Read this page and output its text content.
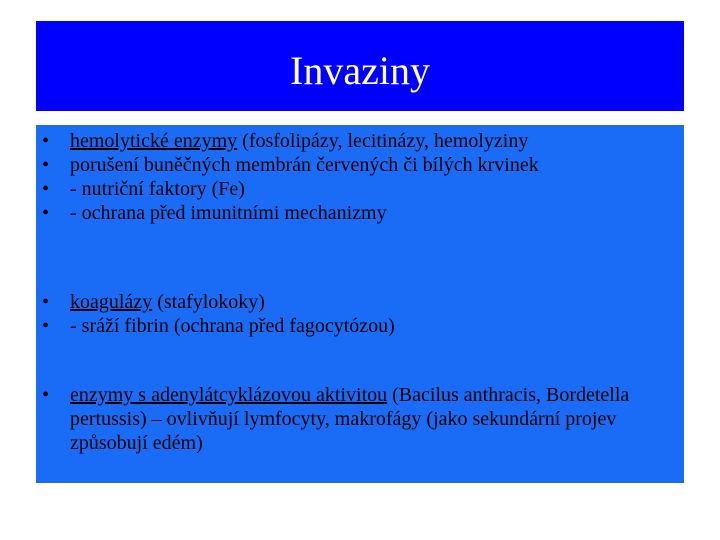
Invaziny
• hemolytické enzymy (fosfolipázy, lecitinázy, hemolyziny
• porušení buněčných membrán červených či bílých krvinek
• - nutriční faktory (Fe)
• - ochrana před imunitními mechanizmy
• koagulázy (stafylokoky)
• - sráží fibrin (ochrana před fagocytózou)
• enzymy s adenylátcyklázovou aktivitou (Bacilus anthracis, Bordetella pertussis) – ovlivňují lymfocyty, makrofágy (jako sekundární projev způsobují edém)
